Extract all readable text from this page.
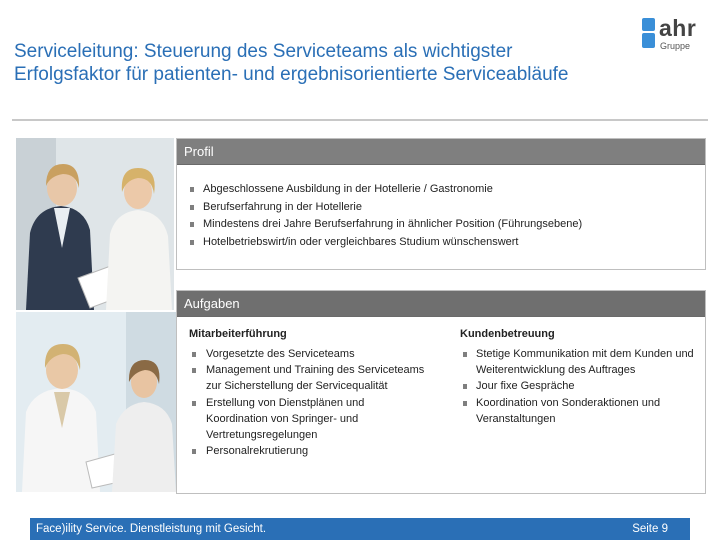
Serviceleitung: Steuerung des Serviceteams als wichtigster
Erfolgsfaktor für patienten- und ergebnisorientierte Serviceabläufe
ahr
Gruppe
Profil
Abgeschlossene Ausbildung in der Hotellerie / Gastronomie
Berufserfahrung in der Hotellerie
Mindestens drei Jahre Berufserfahrung in ähnlicher Position (Führungsebene)
Hotelbetriebswirt/in oder vergleichbares Studium wünschenswert
Aufgaben
Mitarbeiterführung
Vorgesetzte des Serviceteams
Management und Training des Serviceteams zur Sicherstellung der Servicequalität
Erstellung von Dienstplänen und Koordination von Springer- und Vertretungsregelungen
Personalrekrutierung
Kundenbetreuung
Stetige Kommunikation mit dem Kunden und Weiterentwicklung des Auftrages
Jour fixe Gespräche
Koordination von Sonderaktionen und Veranstaltungen
Face)ility Service. Dienstleistung mit Gesicht.	Seite 9
